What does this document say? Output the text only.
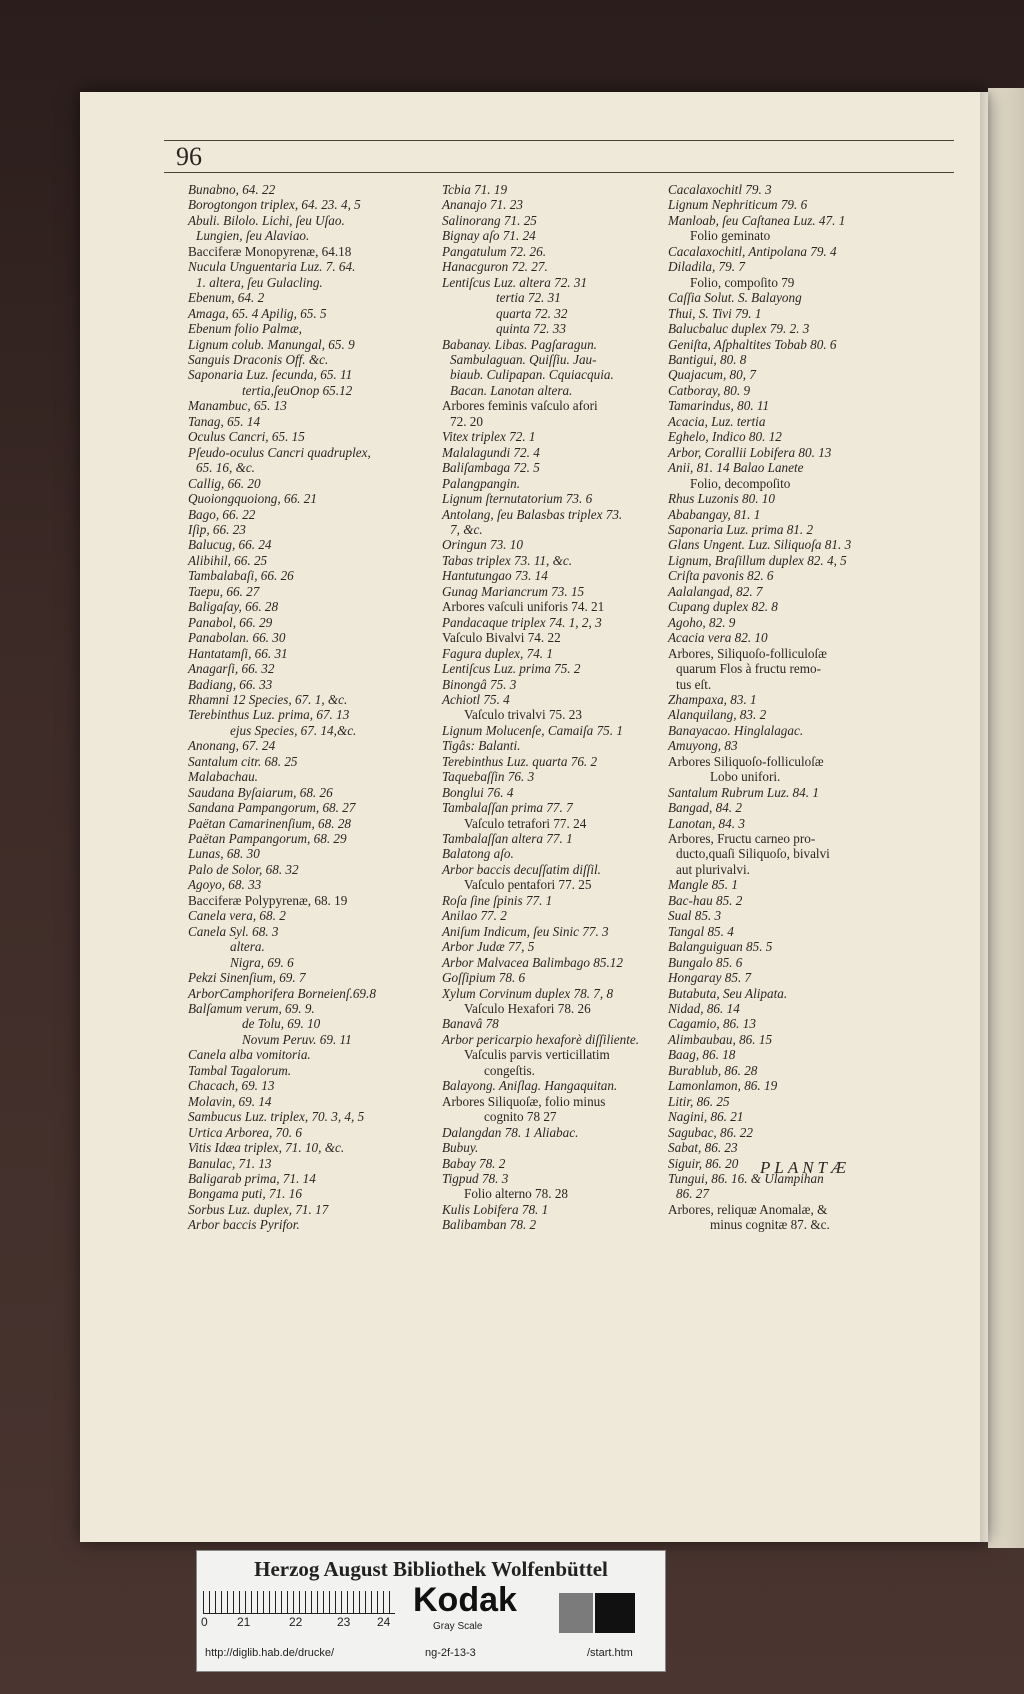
96
Bunabno, 64. 22
Borogtongon triplex, 64. 23. 4, 5
Abuli. Bilolo. Lichi, ſeu Uſao.
Lungien, ſeu Alaviao.
Bacciferæ Monopyrenæ, 64.18
Nucula Unguentaria Luz. 7. 64.
1. altera, ſeu Gulacling.
Ebenum, 64. 2
Amaga, 65. 4 Apilig, 65. 5
Ebenum folio Palmæ,
Lignum colub. Manungal, 65. 9
Sanguis Draconis Off. &c.
Saponaria Luz. ſecunda, 65. 11
tertia,ſeuOnop 65.12
Manambuc, 65. 13
Tanag, 65. 14
Oculus Cancri, 65. 15
Pſeudo-oculus Cancri quadruplex,
65. 16, &c.
Callig, 66. 20
Quoiongquoiong, 66. 21
Bago, 66. 22
Iſip, 66. 23
Balucug, 66. 24
Alibihil, 66. 25
Tambalabaſi, 66. 26
Taepu, 66. 27
Baligaſay, 66. 28
Panabol, 66. 29
Panabolan. 66. 30
Hantatamſi, 66. 31
Anagarſi, 66. 32
Badiang, 66. 33
Rhamni 12 Species, 67. 1, &c.
Terebinthus Luz. prima, 67. 13
ejus Species, 67. 14,&c.
Anonang, 67. 24
Santalum citr. 68. 25
Malabachau.
Saudana Byſaiarum, 68. 26
Sandana Pampangorum, 68. 27
Paëtan Camarinenſium, 68. 28
Paëtan Pampangorum, 68. 29
Lunas, 68. 30
Palo de Solor, 68. 32
Agoyo, 68. 33
Bacciferæ Polypyrenæ, 68. 19
Canela vera, 68. 2
Canela Syl. 68. 3
altera.
Nigra, 69. 6
Pekzi Sinenſium, 69. 7
ArborCamphorifera Borneienſ.69.8
Balſamum verum, 69. 9.
de Tolu, 69. 10
Novum Peruv. 69. 11
Canela alba vomitoria.
Tambal Tagalorum.
Chacach, 69. 13
Molavin, 69. 14
Sambucus Luz. triplex, 70. 3, 4, 5
Urtica Arborea, 70. 6
Vitis Idæa triplex, 71. 10, &c.
Banulac, 71. 13
Baligarab prima, 71. 14
Bongama puti, 71. 16
Sorbus Luz. duplex, 71. 17
Arbor baccis Pyrifor.
Tcbia 71. 19
Ananajo 71. 23
Salinorang 71. 25
Bignay aſo 71. 24
Pangatulum 72. 26.
Hanacguron 72. 27.
Lentiſcus Luz. altera 72. 31
tertia 72. 31
quarta 72. 32
quinta 72. 33
Babanay. Libas. Pagſaragun.
Sambulaguan. Quiſſiu. Jau-
biaub. Culipapan. Cquiacquia.
Bacan. Lanotan altera.
Arbores feminis vaſculo afori
72. 20
Vitex triplex 72. 1
Malalagundi 72. 4
Baliſambaga 72. 5
Palangpangin.
Lignum ſternutatorium 73. 6
Antolang, ſeu Balasbas triplex 73.
7, &c.
Oringun 73. 10
Tabas triplex 73. 11, &c.
Hantutungao 73. 14
Gunag Mariancrum 73. 15
Arbores vaſculi uniforis 74. 21
Pandacaque triplex 74. 1, 2, 3
Vaſculo Bivalvi 74. 22
Fagura duplex, 74. 1
Lentiſcus Luz. prima 75. 2
Binongâ 75. 3
Achiotl 75. 4
Vaſculo trivalvi 75. 23
Lignum Molucenſe, Camaiſa 75. 1
Tigâs: Balanti.
Terebinthus Luz. quarta 76. 2
Taquebaſſin 76. 3
Bonglui 76. 4
Tambalaſſan prima 77. 7
Vaſculo tetrafori 77. 24
Tambalaſſan altera 77. 1
Balatong aſo.
Arbor baccis decuſſatim diſſil.
Vaſculo pentafori 77. 25
Roſa ſine ſpinis 77. 1
Anilao 77. 2
Aniſum Indicum, ſeu Sinic 77. 3
Arbor Judæ 77, 5
Arbor Malvacea Balimbago 85.12
Goſſipium 78. 6
Xylum Corvinum duplex 78. 7, 8
Vaſculo Hexafori 78. 26
Banavâ 78
Arbor pericarpio hexaforè diſſiliente.
Vaſculis parvis verticillatim
congeſtis.
Balayong. Aniſlag. Hangaquitan.
Arbores Siliquoſæ, folio minus
cognito 78 27
Dalangdan 78. 1 Aliabac.
Bubuy.
Babay 78. 2
Tigpud 78. 3
Folio alterno 78. 28
Kulis Lobifera 78. 1
Balibamban 78. 2
Cacalaxochitl 79. 3
Lignum Nephriticum 79. 6
Manloab, ſeu Caſtanea Luz. 47. 1
Folio geminato
Cacalaxochitl, Antipolana 79. 4
Diladila, 79. 7
Folio, compoſito 79
Caſſia Solut. S. Balayong
Thui, S. Tivi 79. 1
Balucbaluc duplex 79. 2. 3
Geniſta, Aſphaltites Tobab 80. 6
Bantigui, 80. 8
Quajacum, 80, 7
Catboray, 80. 9
Tamarindus, 80. 11
Acacia, Luz. tertia
Eghelo, Indico 80. 12
Arbor, Corallii Lobifera 80. 13
Anii, 81. 14 Balao Lanete
Folio, decompoſito
Rhus Luzonis 80. 10
Ababangay, 81. 1
Saponaria Luz. prima 81. 2
Glans Ungent. Luz. Siliquoſa 81. 3
Lignum, Braſillum duplex 82. 4, 5
Criſta pavonis 82. 6
Aalalangad, 82. 7
Cupang duplex 82. 8
Agoho, 82. 9
Acacia vera 82. 10
Arbores, Siliquoſo-folliculoſæ
quarum Flos à fructu remo-
tus eſt.
Zhampaxa, 83. 1
Alanquilang, 83. 2
Banayacao. Hinglalagac.
Amuyong, 83
Arbores Siliquoſo-folliculoſæ
Lobo unifori.
Santalum Rubrum Luz. 84. 1
Bangad, 84. 2
Lanotan, 84. 3
Arbores, Fructu carneo pro-
ducto,quaſi Siliquoſo, bivalvi
aut plurivalvi.
Mangle 85. 1
Bac-hau 85. 2
Sual 85. 3
Tangal 85. 4
Balanguiguan 85. 5
Bungalo 85. 6
Hongaray 85. 7
Butabuta, Seu Alipata.
Nidad, 86. 14
Cagamio, 86. 13
Alimbaubau, 86. 15
Baag, 86. 18
Burablub, 86. 28
Lamonlamon, 86. 19
Litir, 86. 25
Nagini, 86. 21
Sagubac, 86. 22
Sabat, 86. 23
Siguir, 86. 20
Tungui, 86. 16. & Ulampihan
86. 27
Arbores, reliquæ Anomalæ, &
minus cognitæ 87. &c.
PLANTÆ
Herzog August Bibliothek Wolfenbüttel
0 21	22	23 24
Kodak
Gray Scale
http://diglib.hab.de/drucke/	ng-2f-13-3	/start.htm
